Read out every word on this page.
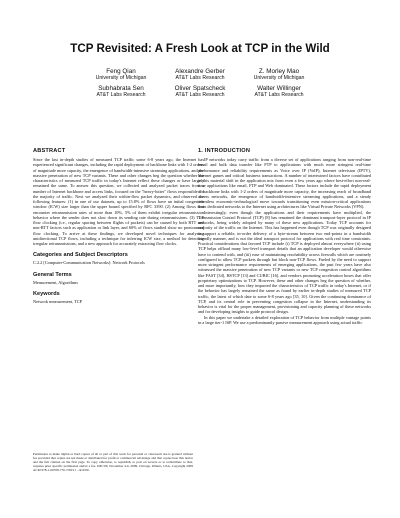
TCP Revisited: A Fresh Look at TCP in the Wild
Feng Qian
University of Michigan
Alexandre Gerber
AT&T Labs Research
Z. Morley Mao
University of Michigan
Subhabrata Sen
AT&T Labs Research
Oliver Spatscheck
AT&T Labs Research
Walter Willinger
AT&T Labs Research
ABSTRACT
Since the last in-depth studies of measured TCP traffic some 6-8 years ago, the Internet has experienced significant changes, including the rapid deployment of backbone links with 1-2 orders of magnitude more capacity, the emergence of bandwidth-intensive streaming applications, and the massive penetration of new TCP variants. These and other changes beg the question whether the characteristics of measured TCP traffic in today's Internet reflect these changes or have largely remained the same. To answer this question, we collected and analyzed packet traces from a number of Internet backbone and access links, focused on the "heavy-hitter" flows responsible for the majority of traffic. Next we analyzed their within-flow packet dynamics, and observed the following features: (1) in one of our datasets, up to 15.8% of flows have an initial congestion window (ICW) size larger than the upper bound specified by RFC 3390. (2) Among flows that encounter retransmission rates of more than 10%, 5% of them exhibit irregular retransmission behavior where the sender does not slow down its sending rate during retransmissions. (3) TCP flow clocking (i.e., regular spacing between flights of packets) can be caused by both RTT and non-RTT factors such as application or link layer, and 60% of flows studied show no pronounced flow clocking. To arrive at these findings, we developed novel techniques for analyzing unidirectional TCP flows, including a technique for inferring ICW size, a method for detecting irregular retransmissions, and a new approach for accurately extracting flow clocks.
Categories and Subject Descriptors
C.2.2 [Computer-Communication Networks]: Network Protocols
General Terms
Measurement, Algorithms
Keywords
Network measurement, TCP
Permission to make digital or hard copies of all or part of this work for personal or classroom use is granted without fee provided that copies are not made or distributed for profit or commercial advantage and that copies bear this notice and the full citation on the first page. To copy otherwise, to republish, to post on servers or to redistribute to lists, requires prior specific permission and/or a fee. IMC'09, November 4-6, 2009, Chicago, Illinois, USA. Copyright 2009 ACM 978-1-60558-770-7/09/11 ...$10.00.
1. INTRODUCTION
IP networks today carry traffic from a diverse set of applications ranging from non-real-time email and bulk data transfer like FTP to applications with much more stringent real-time performance and reliability requirements as Voice over IP (VoIP), Internet television (IPTV), Internet games and critical business transactions. A number of intertwined factors have contributed to this material shift in the application mix from even a few years ago where best-effort non-real-time applications like email, FTP and Web dominated. These factors include the rapid deployment of backbone links with 1-2 orders of magnitude more capacity, the increasing reach of broadband access networks, the emergence of bandwidth-intensive streaming applications, and a steady relentless economic-technological move towards transitioning even mission-critical applications from dedicated networks to the Internet using architectures like Virtual Private Networks (VPN).
Interestingly, even though the applications and their requirements have multiplied, the Transmission Control Protocol (TCP) [8] has remained the dominant transport-layer protocol in IP networks, being widely adopted by many of these new applications. Today TCP accounts for majority of the traffic on the Internet. This has happened even though TCP was originally designed to support a reliable, in-order delivery of a byte-stream between two end-points in a bandwidth friendly manner, and is not the ideal transport protocol for applications with real time constraints. Practical considerations that favored TCP include (i) TCP is deployed almost everywhere (ii) using TCP helps offload many low-level transport details that an application developer would otherwise have to contend with, and (iii) ease of maintaining reachability across firewalls which are routinely configured to allow TCP packets through but block non-TCP flows. Fueled by the need to support more stringent performance requirements of emerging applications, the past few years have also witnessed the massive penetration of new TCP variants or new TCP congestion control algorithms like FAST [34], HSTCP [13] and CUBIC [16], and vendors promoting acceleration boxes that offer proprietary optimizations to TCP. However, these and other changes beg the question of whether, and more importantly, how they impacted the characteristics of TCP traffic in today's Internet, or if the behavior has largely remained the same as found by earlier in-depth studies of measured TCP traffic, the latest of which date to some 6-8 years ago [35, 10]. Given the continuing dominance of TCP, and its central role in preventing congestion collapse in the Internet, understanding its behavior is vital for the proper management, provisioning and capacity planning of these networks and for developing insights to guide protocol design.
In this paper we undertake a detailed exploration of TCP behavior from multiple vantage points in a large tier-1 ISP. We use a predominantly passive measurement approach using actual traffic
